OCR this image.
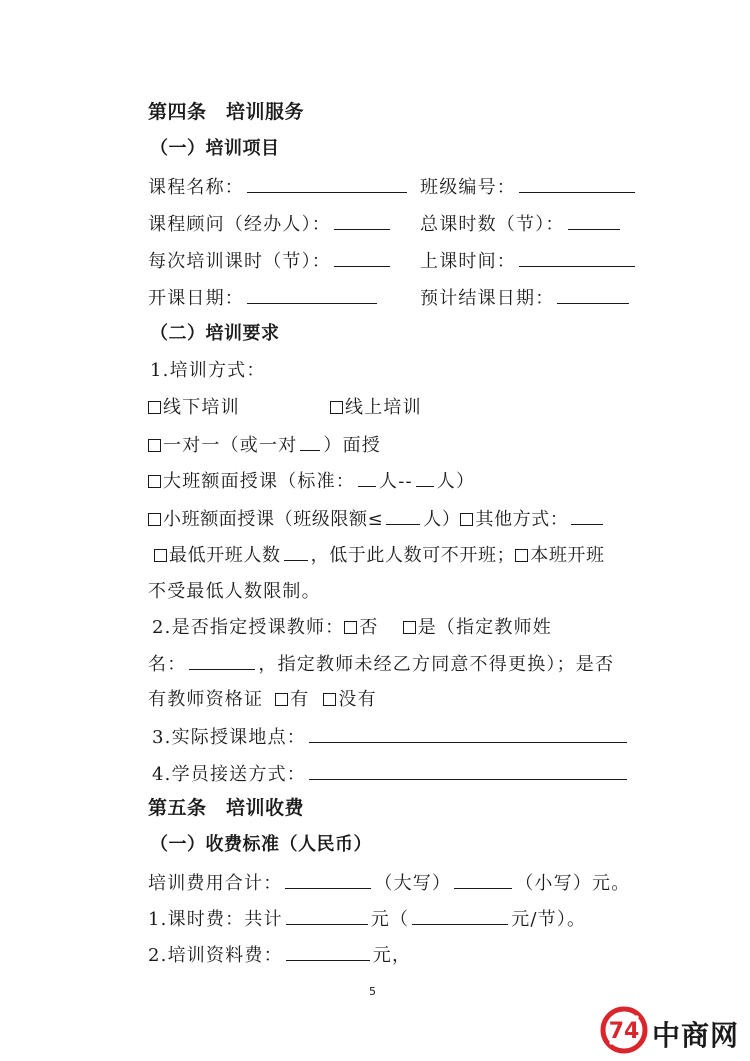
第四条　培训服务
（一）培训项目
课程名称：	班级编号：
课程顾问（经办人）：	总课时数（节）：
每次培训课时（节）：	上课时间：
开课日期：	预计结课日期：
（二）培训要求
1.培训方式：
线下培训	线上培训
一对一（或一对 ）面授
大班额面授课（标准： 人-- 人）
小班额面授课（班级限额≤ 人） 其他方式：
最低开班人数 ，低于此人数可不开班； 本班开班
不受最低人数限制。
2.是否指定授课教师： 否 是（指定教师姓
名：	，指定教师未经乙方同意不得更换）；是否
有教师资格证 有 没有
3.实际授课地点：
4.学员接送方式：
第五条　培训收费
（一）收费标准（人民币）
培训费用合计：	（大写）	（小写）元。
1.课时费：共计	元（	元/节）。
2.培训资料费：	元，
5
74 中商网
